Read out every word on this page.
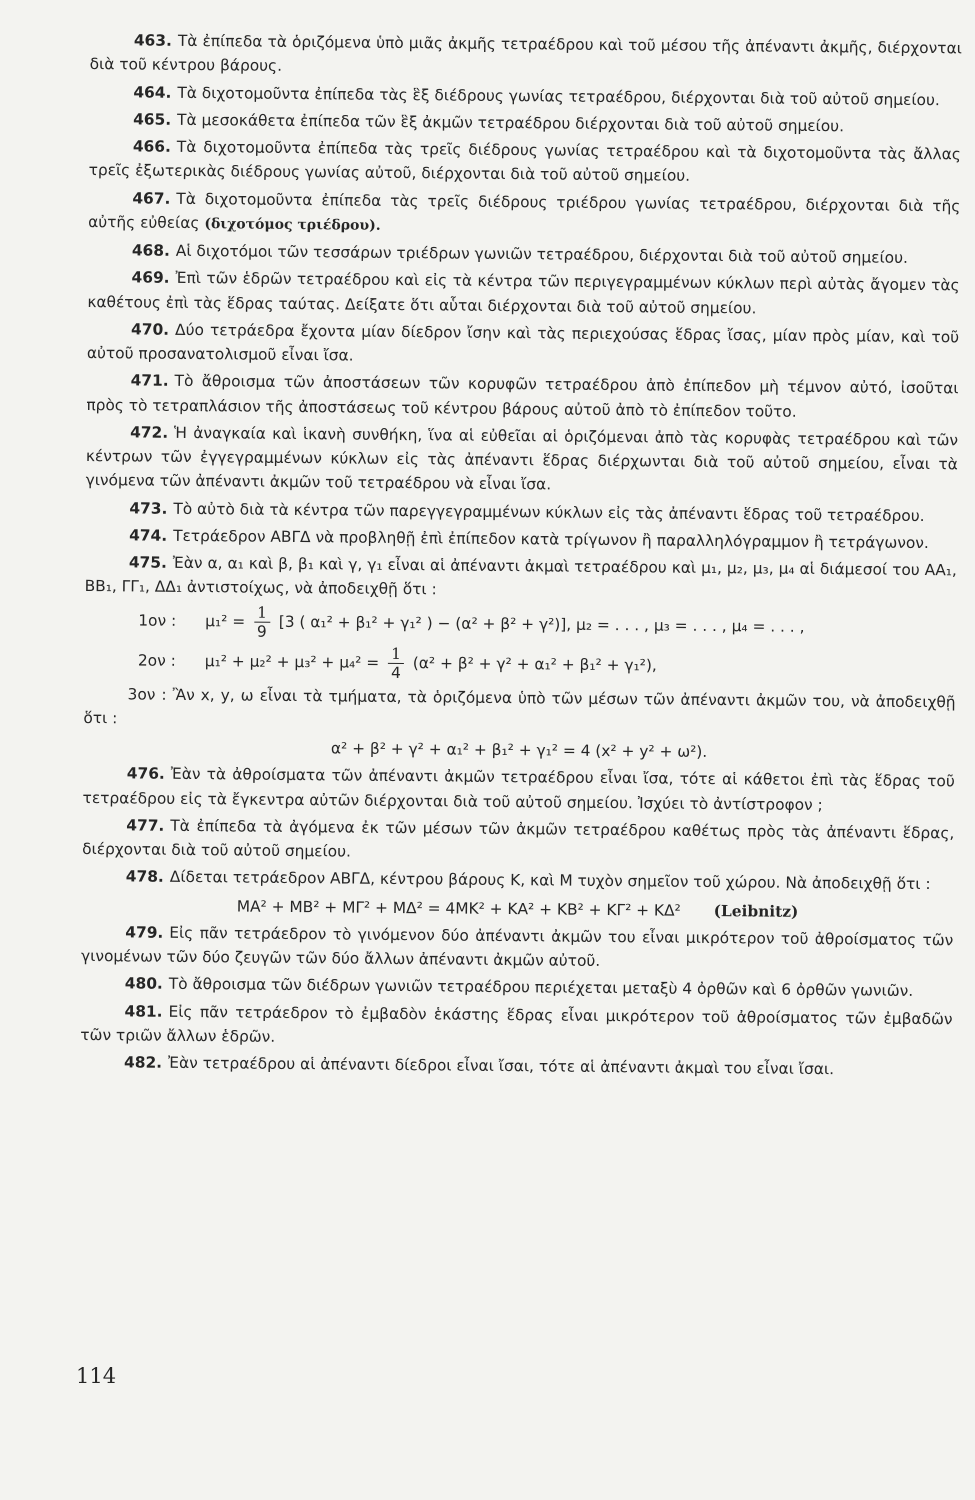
463. Τὰ ἐπίπεδα τὰ ὁριζόμενα ὑπὸ μιᾶς ἀκμῆς τετραέδρου καὶ τοῦ μέσου τῆς ἀπέναντι ἀκμῆς, διέρχονται διὰ τοῦ κέντρου βάρους.

464. Τὰ διχοτομοῦντα ἐπίπεδα τὰς ἓξ διέδρους γωνίας τετραέδρου, διέρχονται διὰ τοῦ αὐτοῦ σημείου.

465. Τὰ μεσοκάθετα ἐπίπεδα τῶν ἓξ ἀκμῶν τετραέδρου διέρχονται διὰ τοῦ αὐτοῦ σημείου.

466. Τὰ διχοτομοῦντα ἐπίπεδα τὰς τρεῖς διέδρους γωνίας τετραέδρου καὶ τὰ διχοτομοῦντα τὰς ἄλλας τρεῖς ἐξωτερικὰς διέδρους γωνίας αὐτοῦ, διέρχονται διὰ τοῦ αὐτοῦ σημείου.

467. Τὰ διχοτομοῦντα ἐπίπεδα τὰς τρεῖς διέδρους τριέδρου γωνίας τετραέδρου, διέρχονται διὰ τῆς αὐτῆς εὐθείας (διχοτόμος τριέδρου).

468. Αἱ διχοτόμοι τῶν τεσσάρων τριέδρων γωνιῶν τετραέδρου, διέρχονται διὰ τοῦ αὐτοῦ σημείου.

469. Ἐπὶ τῶν ἑδρῶν τετραέδρου καὶ εἰς τὰ κέντρα τῶν περιγεγραμμένων κύκλων περὶ αὐτὰς ἄγομεν τὰς καθέτους ἐπὶ τὰς ἕδρας ταύτας. Δείξατε ὅτι αὗται διέρχονται διὰ τοῦ αὐτοῦ σημείου.

470. Δύο τετράεδρα ἔχοντα μίαν δίεδρον ἴσην καὶ τὰς περιεχούσας ἕδρας ἴσας, μίαν πρὸς μίαν, καὶ τοῦ αὐτοῦ προσανατολισμοῦ εἶναι ἴσα.

471. Τὸ ἄθροισμα τῶν ἀποστάσεων τῶν κορυφῶν τετραέδρου ἀπὸ ἐπίπεδον μὴ τέμνον αὐτό, ἰσοῦται πρὸς τὸ τετραπλάσιον τῆς ἀποστάσεως τοῦ κέντρου βάρους αὐτοῦ ἀπὸ τὸ ἐπίπεδον τοῦτο.

472. Ἡ ἀναγκαία καὶ ἱκανὴ συνθήκη, ἵνα αἱ εὐθεῖαι αἱ ὁριζόμεναι ἀπὸ τὰς κορυφὰς τετραέδρου καὶ τῶν κέντρων τῶν ἐγγεγραμμένων κύκλων εἰς τὰς ἀπέναντι ἕδρας διέρχωνται διὰ τοῦ αὐτοῦ σημείου, εἶναι τὰ γινόμενα τῶν ἀπέναντι ἀκμῶν τοῦ τετραέδρου νὰ εἶναι ἴσα.

473. Τὸ αὐτὸ διὰ τὰ κέντρα τῶν παρεγγεγραμμένων κύκλων εἰς τὰς ἀπέναντι ἕδρας τοῦ τετραέδρου.

474. Τετράεδρον ΑΒΓΔ νὰ προβληθῇ ἐπὶ ἐπίπεδον κατὰ τρίγωνον ἢ παραλληλόγραμμον ἢ τετράγωνον.

475. Ἐὰν α, α₁ καὶ β, β₁ καὶ γ, γ₁ εἶναι αἱ ἀπέναντι ἀκμαὶ τετραέδρου καὶ μ₁, μ₂, μ₃, μ₄ αἱ διάμεσοί του ΑΑ₁, ΒΒ₁, ΓΓ₁, ΔΔ₁ ἀντιστοίχως, νὰ ἀποδειχθῇ ὅτι :

1ον : $\mu_1^2 = \frac{1}{9} [3$ ( α₁² + β₁² + γ₁² ) − (α² + β² + γ²)], μ₂ = . . . , μ₃ = . . . , μ₄ = . . . ,
2ον : $\mu_1^2 + \mu_2^2 + \mu_3^2 + \mu_4^2 = \frac{1}{4} (\alpha^2 + \beta^2 + \gamma^2 + \alpha_1^2 + \beta_1^2 + \gamma_1^2)$,

3ον : Ἂν x, y, ω εἶναι τὰ τμήματα, τὰ ὁριζόμενα ὑπὸ τῶν μέσων τῶν ἀπέναντι ἀκμῶν του, νὰ ἀποδειχθῇ ὅτι :

α² + β² + γ² + α₁² + β₁² + γ₁² = 4 (x² + y² + ω²).

476. Ἐὰν τὰ ἀθροίσματα τῶν ἀπέναντι ἀκμῶν τετραέδρου εἶναι ἴσα, τότε αἱ κάθετοι ἐπὶ τὰς ἕδρας τοῦ τετραέδρου εἰς τὰ ἔγκεντρα αὐτῶν διέρχονται διὰ τοῦ αὐτοῦ σημείου. Ἰσχύει τὸ ἀντίστροφον ;

477. Τὰ ἐπίπεδα τὰ ἀγόμενα ἐκ τῶν μέσων τῶν ἀκμῶν τετραέδρου καθέτως πρὸς τὰς ἀπέναντι ἕδρας, διέρχονται διὰ τοῦ αὐτοῦ σημείου.

478. Δίδεται τετράεδρον ΑΒΓΔ, κέντρου βάρους Κ, καὶ Μ τυχὸν σημεῖον τοῦ χώρου. Νὰ ἀποδειχθῇ ὅτι :

ΜΑ² + ΜΒ² + ΜΓ² + ΜΔ² = 4ΜΚ² + ΚΑ² + ΚΒ² + ΚΓ² + ΚΔ² (Leibnitz)

479. Εἰς πᾶν τετράεδρον τὸ γινόμενον δύο ἀπέναντι ἀκμῶν του εἶναι μικρότερον τοῦ ἀθροίσματος τῶν γινομένων τῶν δύο ζευγῶν τῶν δύο ἄλλων ἀπέναντι ἀκμῶν αὐτοῦ.

480. Τὸ ἄθροισμα τῶν διέδρων γωνιῶν τετραέδρου περιέχεται μεταξὺ 4 ὀρθῶν καὶ 6 ὀρθῶν γωνιῶν.

481. Εἰς πᾶν τετράεδρον τὸ ἐμβαδὸν ἑκάστης ἕδρας εἶναι μικρότερον τοῦ ἀθροίσματος τῶν ἐμβαδῶν τῶν τριῶν ἄλλων ἑδρῶν.

482. Ἐὰν τετραέδρου αἱ ἀπέναντι δίεδροι εἶναι ἴσαι, τότε αἱ ἀπέναντι ἀκμαὶ του εἶναι ἴσαι.

114
